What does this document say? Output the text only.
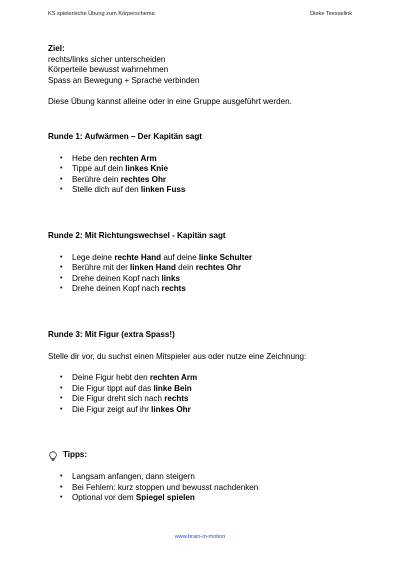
KS spielerische Übung zum Körperschema	Dieke Teesselink

Ziel:

rechts/links sicher unterscheiden

Körperteile bewusst wahrnehmen

Spass an Bewegung + Sprache verbinden

Diese Übung kannst alleine oder in eine Gruppe ausgeführt werden.

Runde 1: Aufwärmen – Der Kapitän sagt

• Hebe den rechten Arm
• Tippe auf dein linkes Knie
• Berühre dein rechtes Ohr
• Stelle dich auf den linken Fuss

Runde 2: Mit Richtungswechsel - Kapitän sagt

• Lege deine rechte Hand auf deine linke Schulter
• Berühre mit der linken Hand dein rechtes Ohr
• Drehe deinen Kopf nach links
• Drehe deinen Kopf nach rechts

Runde 3: Mit Figur (extra Spass!)

Stelle dir vor, du suchst einen Mitspieler aus oder nutze eine Zeichnung:

• Deine Figur hebt den rechten Arm
• Die Figur tippt auf das linke Bein
• Die Figur dreht sich nach rechts
• Die Figur zeigt auf ihr linkes Ohr
Tipps:
• Langsam anfangen, dann steigern
• Bei Fehlern: kurz stoppen und bewusst nachdenken
• Optional vor dem Spiegel spielen
www.brain-in-motion
